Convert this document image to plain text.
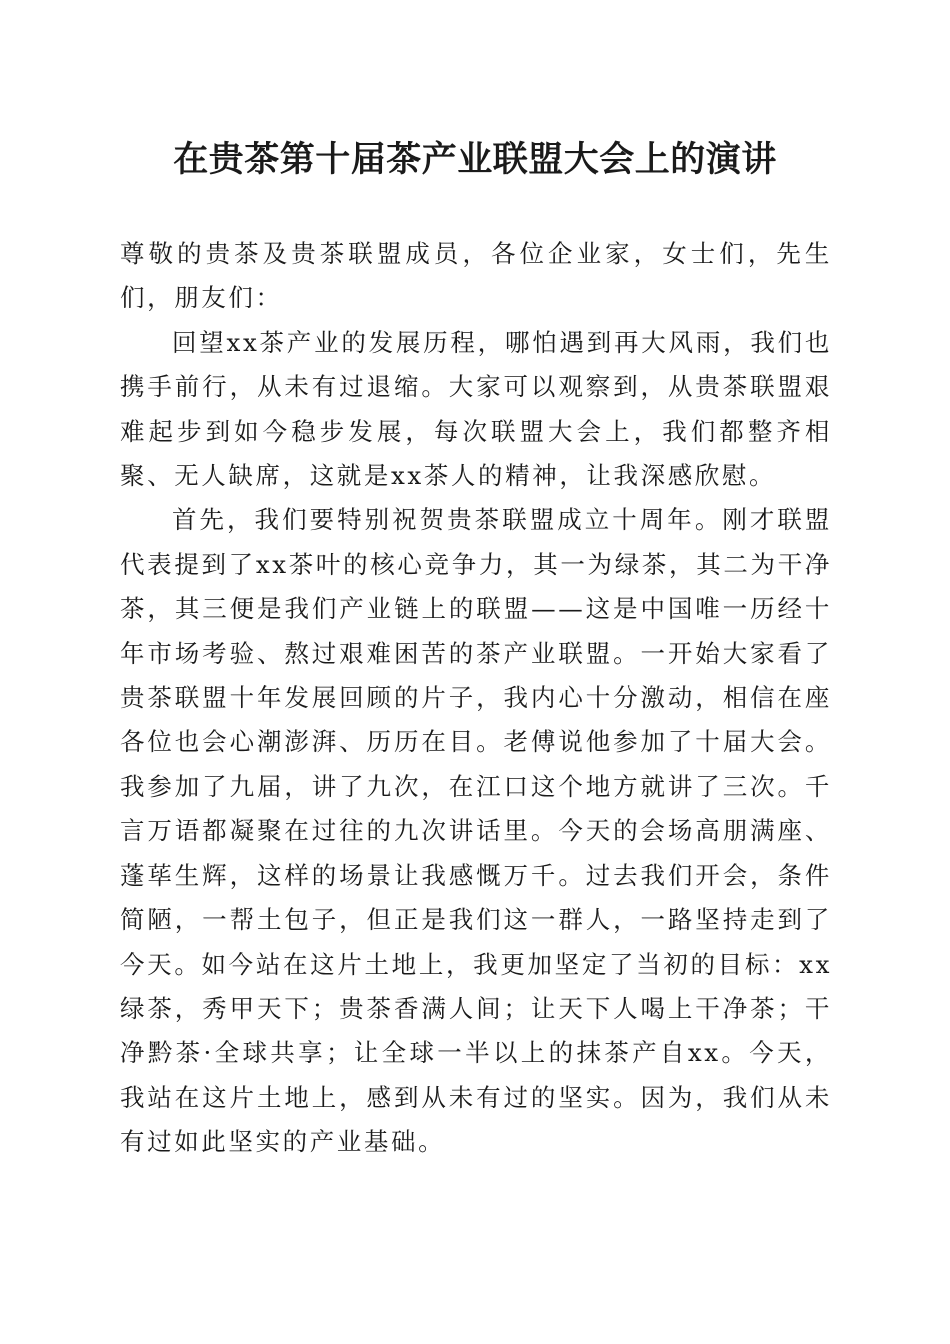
在贵茶第十届茶产业联盟大会上的演讲

尊敬的贵茶及贵茶联盟成员，各位企业家，女士们，先生们，朋友们：

回望xx茶产业的发展历程，哪怕遇到再大风雨，我们也携手前行，从未有过退缩。大家可以观察到，从贵茶联盟艰难起步到如今稳步发展，每次联盟大会上，我们都整齐相聚、无人缺席，这就是xx茶人的精神，让我深感欣慰。

首先，我们要特别祝贺贵茶联盟成立十周年。刚才联盟代表提到了xx茶叶的核心竞争力，其一为绿茶，其二为干净茶，其三便是我们产业链上的联盟——这是中国唯一历经十年市场考验、熬过艰难困苦的茶产业联盟。一开始大家看了贵茶联盟十年发展回顾的片子，我内心十分激动，相信在座各位也会心潮澎湃、历历在目。老傅说他参加了十届大会。我参加了九届，讲了九次，在江口这个地方就讲了三次。千言万语都凝聚在过往的九次讲话里。今天的会场高朋满座、蓬荜生辉，这样的场景让我感慨万千。过去我们开会，条件简陋，一帮土包子，但正是我们这一群人，一路坚持走到了今天。如今站在这片土地上，我更加坚定了当初的目标：xx绿茶，秀甲天下；贵茶香满人间；让天下人喝上干净茶；干净黔茶·全球共享；让全球一半以上的抹茶产自xx。今天，我站在这片土地上，感到从未有过的坚实。因为，我们从未有过如此坚实的产业基础。
